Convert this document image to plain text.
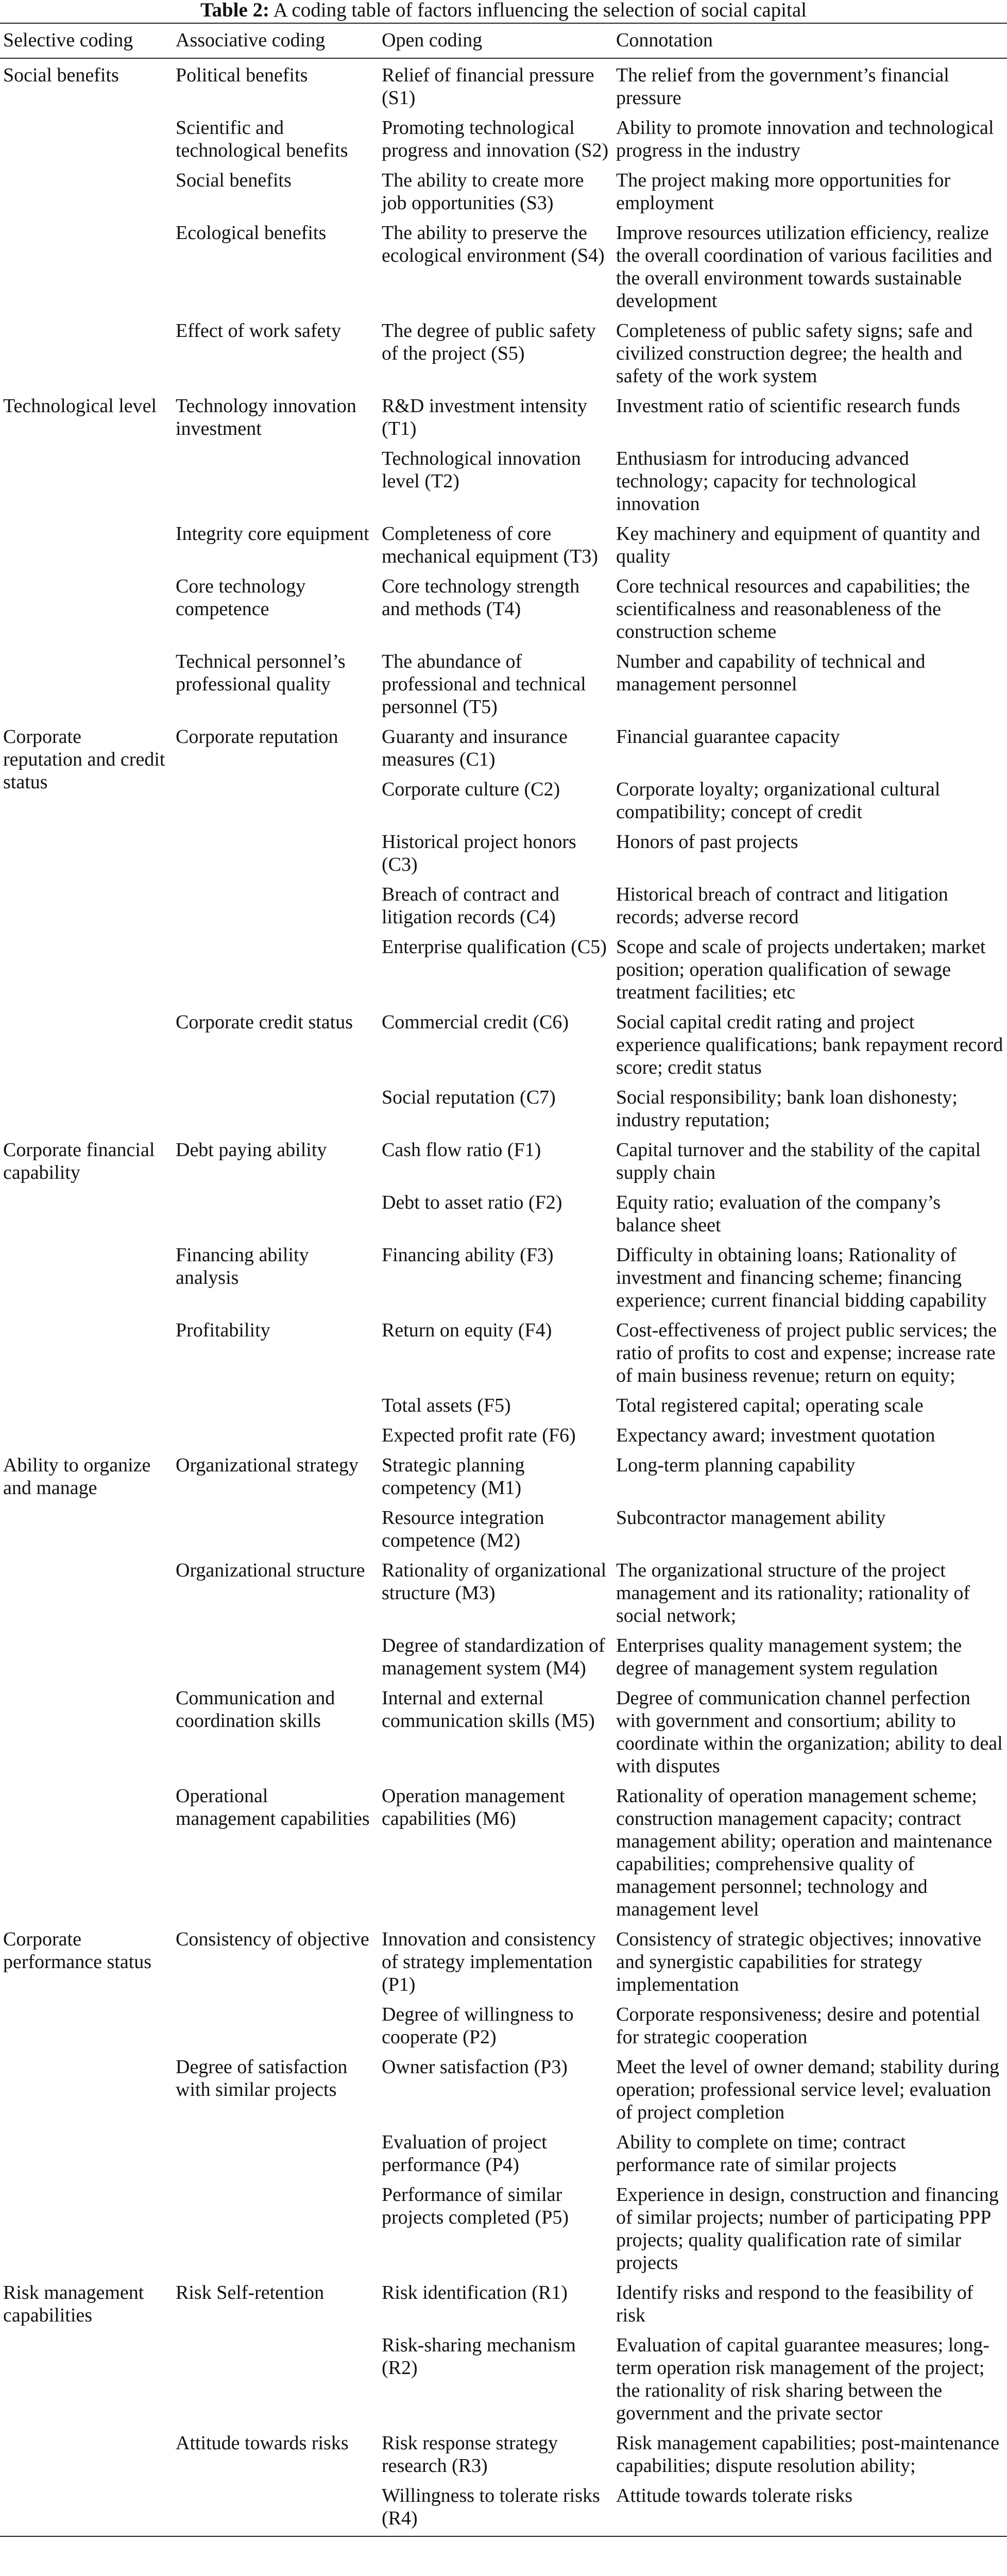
Table 2: A coding table of factors influencing the selection of social capital
Selective coding	Associative coding	Open coding	Connotation
Social benefits	Political benefits	Relief of financial pressure (S1)	The relief from the government’s financial pressure
	Scientific and technological benefits	Promoting technological progress and innovation (S2)	Ability to promote innovation and technological progress in the industry
	Social benefits	The ability to create more job opportunities (S3)	The project making more opportunities for employment
	Ecological benefits	The ability to preserve the ecological environment (S4)	Improve resources utilization efficiency, realize the overall coordination of various facilities and the overall environment towards sustainable development
	Effect of work safety	The degree of public safety of the project (S5)	Completeness of public safety signs; safe and civilized construction degree; the health and safety of the work system
Technological level	Technology innovation investment	R&D investment intensity (T1)	Investment ratio of scientific research funds
		Technological innovation level (T2)	Enthusiasm for introducing advanced technology; capacity for technological innovation
	Integrity core equipment	Completeness of core mechanical equipment (T3)	Key machinery and equipment of quantity and quality
	Core technology competence	Core technology strength and methods (T4)	Core technical resources and capabilities; the scientificalness and reasonableness of the construction scheme
	Technical personnel’s professional quality	The abundance of professional and technical personnel (T5)	Number and capability of technical and management personnel
Corporate reputation and credit status	Corporate reputation	Guaranty and insurance measures (C1)	Financial guarantee capacity
		Corporate culture (C2)	Corporate loyalty; organizational cultural compatibility; concept of credit
		Historical project honors (C3)	Honors of past projects
		Breach of contract and litigation records (C4)	Historical breach of contract and litigation records; adverse record
		Enterprise qualification (C5)	Scope and scale of projects undertaken; market position; operation qualification of sewage treatment facilities; etc
	Corporate credit status	Commercial credit (C6)	Social capital credit rating and project experience qualifications; bank repayment record score; credit status
		Social reputation (C7)	Social responsibility; bank loan dishonesty; industry reputation;
Corporate financial capability	Debt paying ability	Cash flow ratio (F1)	Capital turnover and the stability of the capital supply chain
		Debt to asset ratio (F2)	Equity ratio; evaluation of the company’s balance sheet
	Financing ability analysis	Financing ability (F3)	Difficulty in obtaining loans; Rationality of investment and financing scheme; financing experience; current financial bidding capability
	Profitability	Return on equity (F4)	Cost-effectiveness of project public services; the ratio of profits to cost and expense; increase rate of main business revenue; return on equity;
		Total assets (F5)	Total registered capital; operating scale
		Expected profit rate (F6)	Expectancy award; investment quotation
Ability to organize and manage	Organizational strategy	Strategic planning competency (M1)	Long-term planning capability
		Resource integration competence (M2)	Subcontractor management ability
	Organizational structure	Rationality of organizational structure (M3)	The organizational structure of the project management and its rationality; rationality of social network;
		Degree of standardization of management system (M4)	Enterprises quality management system; the degree of management system regulation
	Communication and coordination skills	Internal and external communication skills (M5)	Degree of communication channel perfection with government and consortium; ability to coordinate within the organization; ability to deal with disputes
	Operational management capabilities	Operation management capabilities (M6)	Rationality of operation management scheme; construction management capacity; contract management ability; operation and maintenance capabilities; comprehensive quality of management personnel; technology and management level
Corporate performance status	Consistency of objective	Innovation and consistency of strategy implementation (P1)	Consistency of strategic objectives; innovative and synergistic capabilities for strategy implementation
		Degree of willingness to cooperate (P2)	Corporate responsiveness; desire and potential for strategic cooperation
	Degree of satisfaction with similar projects	Owner satisfaction (P3)	Meet the level of owner demand; stability during operation; professional service level; evaluation of project completion
		Evaluation of project performance (P4)	Ability to complete on time; contract performance rate of similar projects
		Performance of similar projects completed (P5)	Experience in design, construction and financing of similar projects; number of participating PPP projects; quality qualification rate of similar projects
Risk management capabilities	Risk Self-retention	Risk identification (R1)	Identify risks and respond to the feasibility of risk
		Risk-sharing mechanism (R2)	Evaluation of capital guarantee measures; long-term operation risk management of the project; the rationality of risk sharing between the government and the private sector
	Attitude towards risks	Risk response strategy research (R3)	Risk management capabilities; post-maintenance capabilities; dispute resolution ability;
		Willingness to tolerate risks (R4)	Attitude towards tolerate risks
